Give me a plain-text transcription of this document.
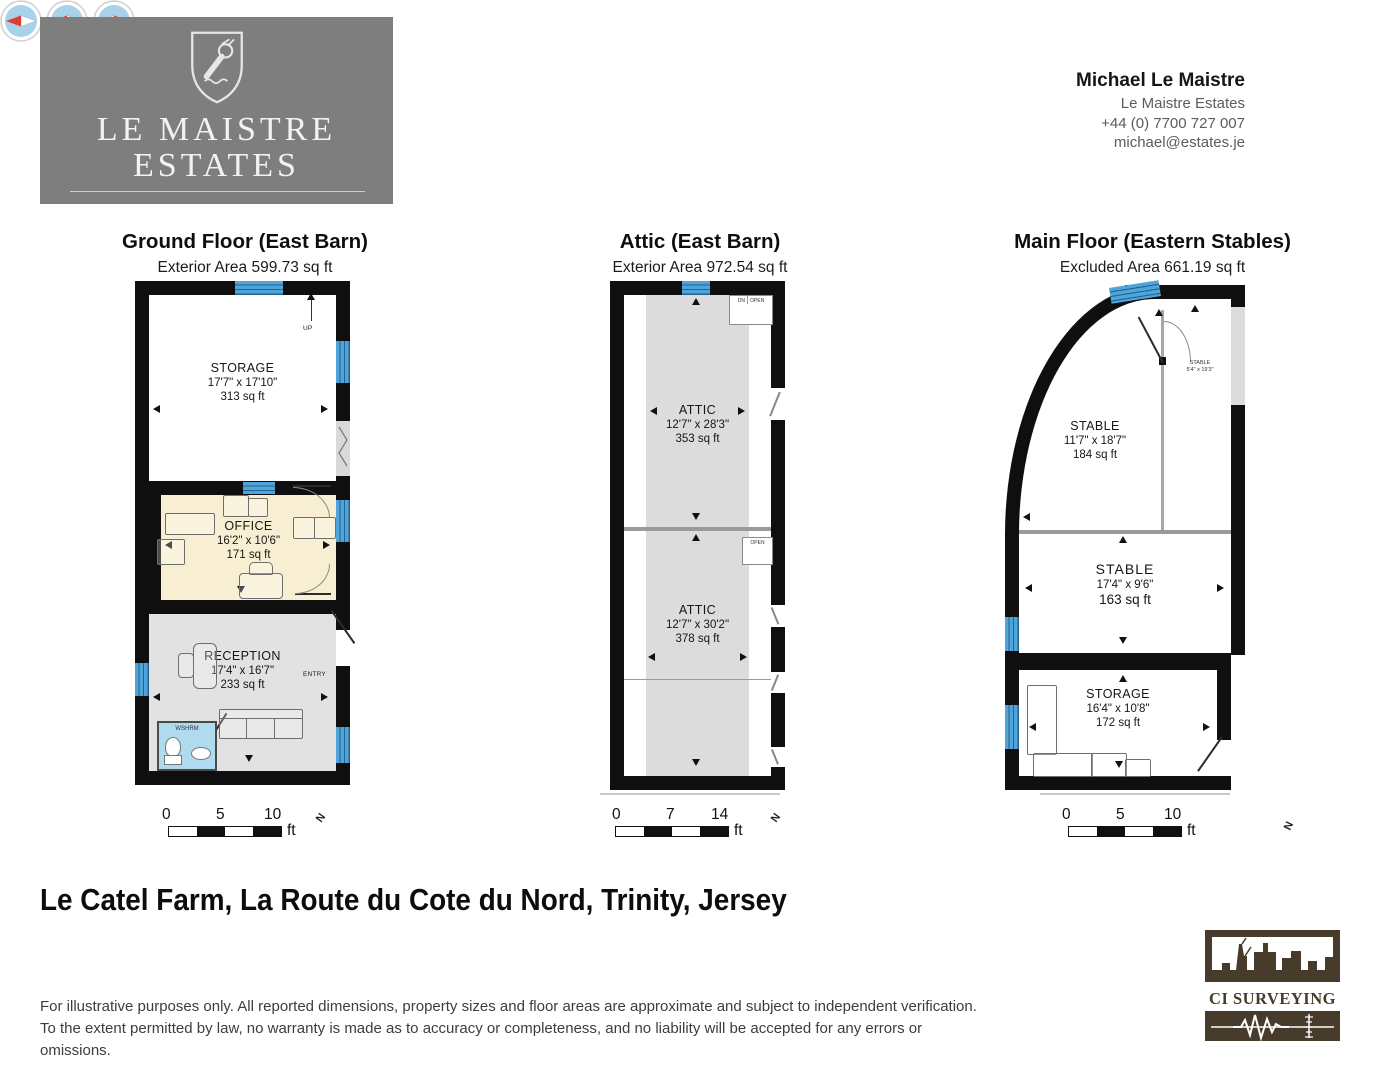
LE MAISTRE
ESTATES
Michael Le Maistre
Le Maistre Estates
+44 (0) 7700 727 007
michael@estates.je
Ground Floor (East Barn)
Exterior Area 599.73 sq ft
Attic (East Barn)
Exterior Area 972.54 sq ft
Main Floor (Eastern Stables)
Excluded Area 661.19 sq ft
UP
STORAGE
17'7" x 17'10"
313 sq ft
OFFICE
16'2" x 10'6"
171 sq ft
RECEPTION
17'4" x 16'7"
233 sq ft
ENTRY
WSHRM
DN	OPEN
OPEN
ATTIC
12'7" x 28'3"
353 sq ft
ATTIC
12'7" x 30'2"
378 sq ft
STABLE
5'4" x 19'3"
STABLE
11'7" x 18'7"
184 sq ft
STABLE
17'4" x 9'6"
163 sq ft
STORAGE
16'4" x 10'8"
172 sq ft
0	5	10
ft
N
	0	7 14
ft
N
	0	5	10
ft	N
Le Catel Farm, La Route du Cote du Nord, Trinity, Jersey
For illustrative purposes only. All reported dimensions, property sizes and floor areas are approximate and subject to independent verification. To the extent permitted by law, no warranty is made as to accuracy or completeness, and no liability will be accepted for any errors or omissions.
CI SURVEYING
